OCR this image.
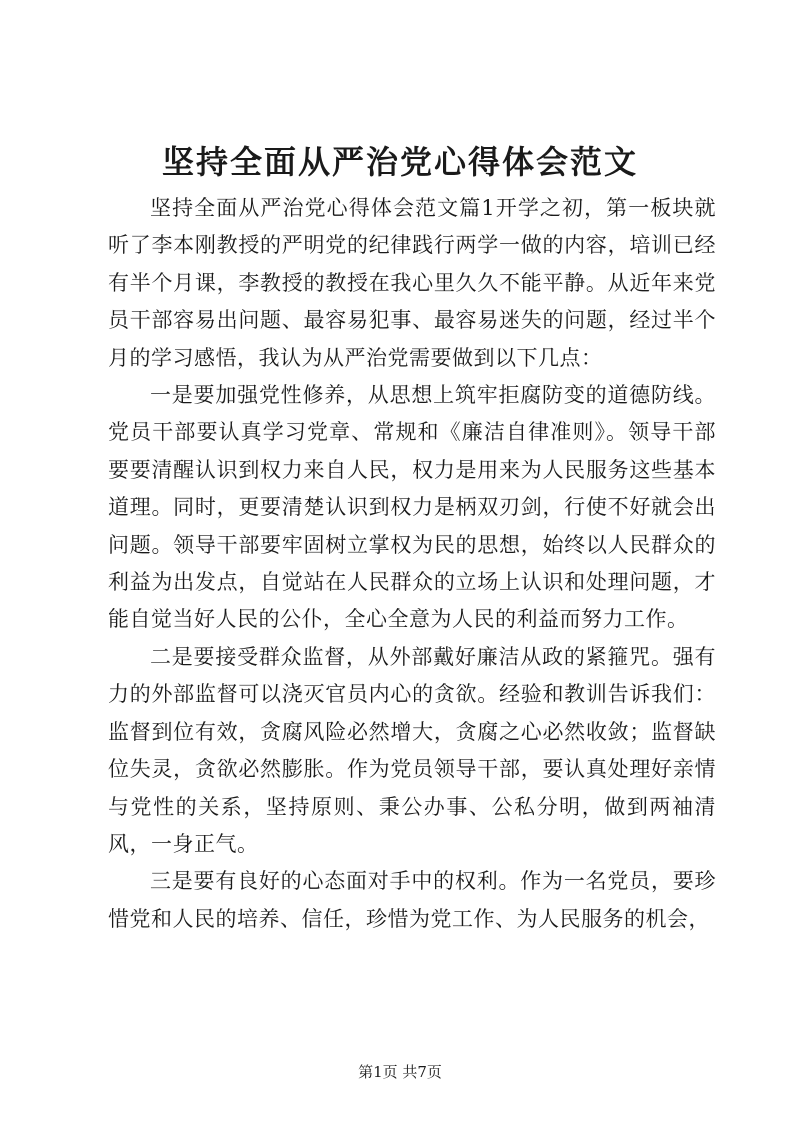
坚持全面从严治党心得体会范文

坚持全面从严治党心得体会范文篇1开学之初，第一板块就听了李本刚教授的严明党的纪律践行两学一做的内容，培训已经有半个月课，李教授的教授在我心里久久不能平静。从近年来党员干部容易出问题、最容易犯事、最容易迷失的问题，经过半个月的学习感悟，我认为从严治党需要做到以下几点：

一是要加强党性修养，从思想上筑牢拒腐防变的道德防线。党员干部要认真学习党章、常规和《廉洁自律准则》。领导干部要要清醒认识到权力来自人民，权力是用来为人民服务这些基本道理。同时，更要清楚认识到权力是柄双刃剑，行使不好就会出问题。领导干部要牢固树立掌权为民的思想，始终以人民群众的利益为出发点，自觉站在人民群众的立场上认识和处理问题，才能自觉当好人民的公仆，全心全意为人民的利益而努力工作。

二是要接受群众监督，从外部戴好廉洁从政的紧箍咒。强有力的外部监督可以浇灭官员内心的贪欲。经验和教训告诉我们：监督到位有效，贪腐风险必然增大，贪腐之心必然收敛；监督缺位失灵，贪欲必然膨胀。作为党员领导干部，要认真处理好亲情与党性的关系，坚持原则、秉公办事、公私分明，做到两袖清风，一身正气。

三是要有良好的心态面对手中的权利。作为一名党员，要珍惜党和人民的培养、信任，珍惜为党工作、为人民服务的机会，

第1页 共7页
